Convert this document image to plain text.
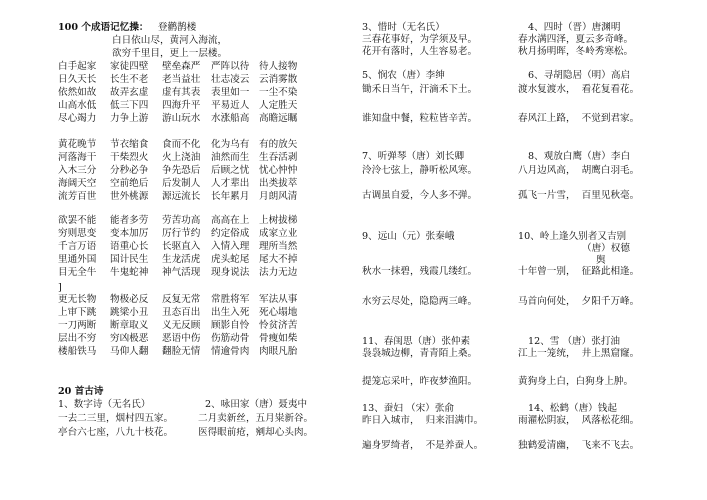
100 个成语记忆操： 登鹳鹊楼
白日依山尽，黄河入海流，
欲穷千里目，更上一层楼。
白手起家 家徒四壁 壁垒森严 严阵以待 待人接物
日久天长 长生不老 老当益壮 壮志凌云 云消雾散
依然如故 故弄玄虚 虚有其表 表里如一 一尘不染
山高水低 低三下四 四海升平 平易近人 人定胜天
尽心竭力 力争上游 游山玩水 水涨船高 高瞻远瞩
黄花晚节 节衣缩食 食而不化 化为乌有 有的放矢
河落海干 干柴烈火 火上浇油 油然而生 生吞活剥
入木三分 分秒必争 争先恐后 后顾之忧 忧心忡忡
海阔天空 空前绝后 后发制人 人才辈出 出类拔萃
流芳百世 世外桃源 源远流长 长年累月 月朗风清
欲罢不能 能者多劳 劳苦功高 高高在上 上树拔梯
穷则思变 变本加厉 厉行节约 约定俗成 成家立业
千言万语 语重心长 长驱直入 入情入理 理所当然
里通外国 国计民生 生龙活虎 虎头蛇尾 尾大不掉
目无全牛 牛鬼蛇神 神气活现 现身说法 法力无边
]
更无长物 物极必反 反复无常 常胜将军 军法从事
上审下跳 跳梁小丑 丑态百出 出生入死 死心塌地
一刀两断 断章取义 义无反顾 顾影自怜 怜贫济苦
层出不穷 穷凶极恶 恶语中伤 伤筋动骨 骨瘦如柴
楼船铁马 马仰人翻 翻脸无情 情逾骨肉 肉眼凡胎
20 首古诗
1、数字诗（无名氏）
一去二三里，烟村四五家。
亭台六七座，八九十枝花。
2、咏田家（唐）聂夷中
二月卖新丝，五月粜新谷。
医得眼前疮，剜却心头肉。
3、惜时（无名氏）
三春花事好，为学须及早。
花开有落时，人生容易老。
4、四时（晋）唐渊明
春水满四泽，夏云多奇峰。
秋月扬明晖，冬岭秀寒松。
5、悯农（唐）李绅
锄禾日当午，汗滴禾下土。
谁知盘中餐，粒粒皆辛苦。
6、寻胡隐居（明）高启
渡水复渡水，  看花复看花。
春风江上路，  不觉到君家。
7、听弹琴（唐）刘长卿
泠泠七弦上，静听松风寒。
古调虽自爱，今人多不弹。
8、观放白鹰（唐）李白
八月边风高，  胡鹰白羽毛。
孤飞一片雪，  百里见秋毫。
9、远山（元）张秦峨
秋水一抹碧，残霞几缕红。
水穷云尽处，隐隐两三峰。
10、岭上逢久别者又吉别
（唐）权德
舆
十年曾一别，  征路此相逢。
马首向何处，  夕阳千万峰。
11、春闺思（唐）张仲素
袅袅城边柳，青青陌上桑。
提笼忘采叶，昨夜梦渔阳。
12、雪 （唐）张打油
江上一笼统，  井上黑窟窿。
黄狗身上白，白狗身上肿。
13、蚕妇 （宋）张俞
昨日入城市，  归来泪满巾。
遍身罗绮者，  不是养蚕人。
14、松鹤（唐）钱起
雨濯松阴寂，  风落松花细。
独鹤爱清幽，  飞来不飞去。
